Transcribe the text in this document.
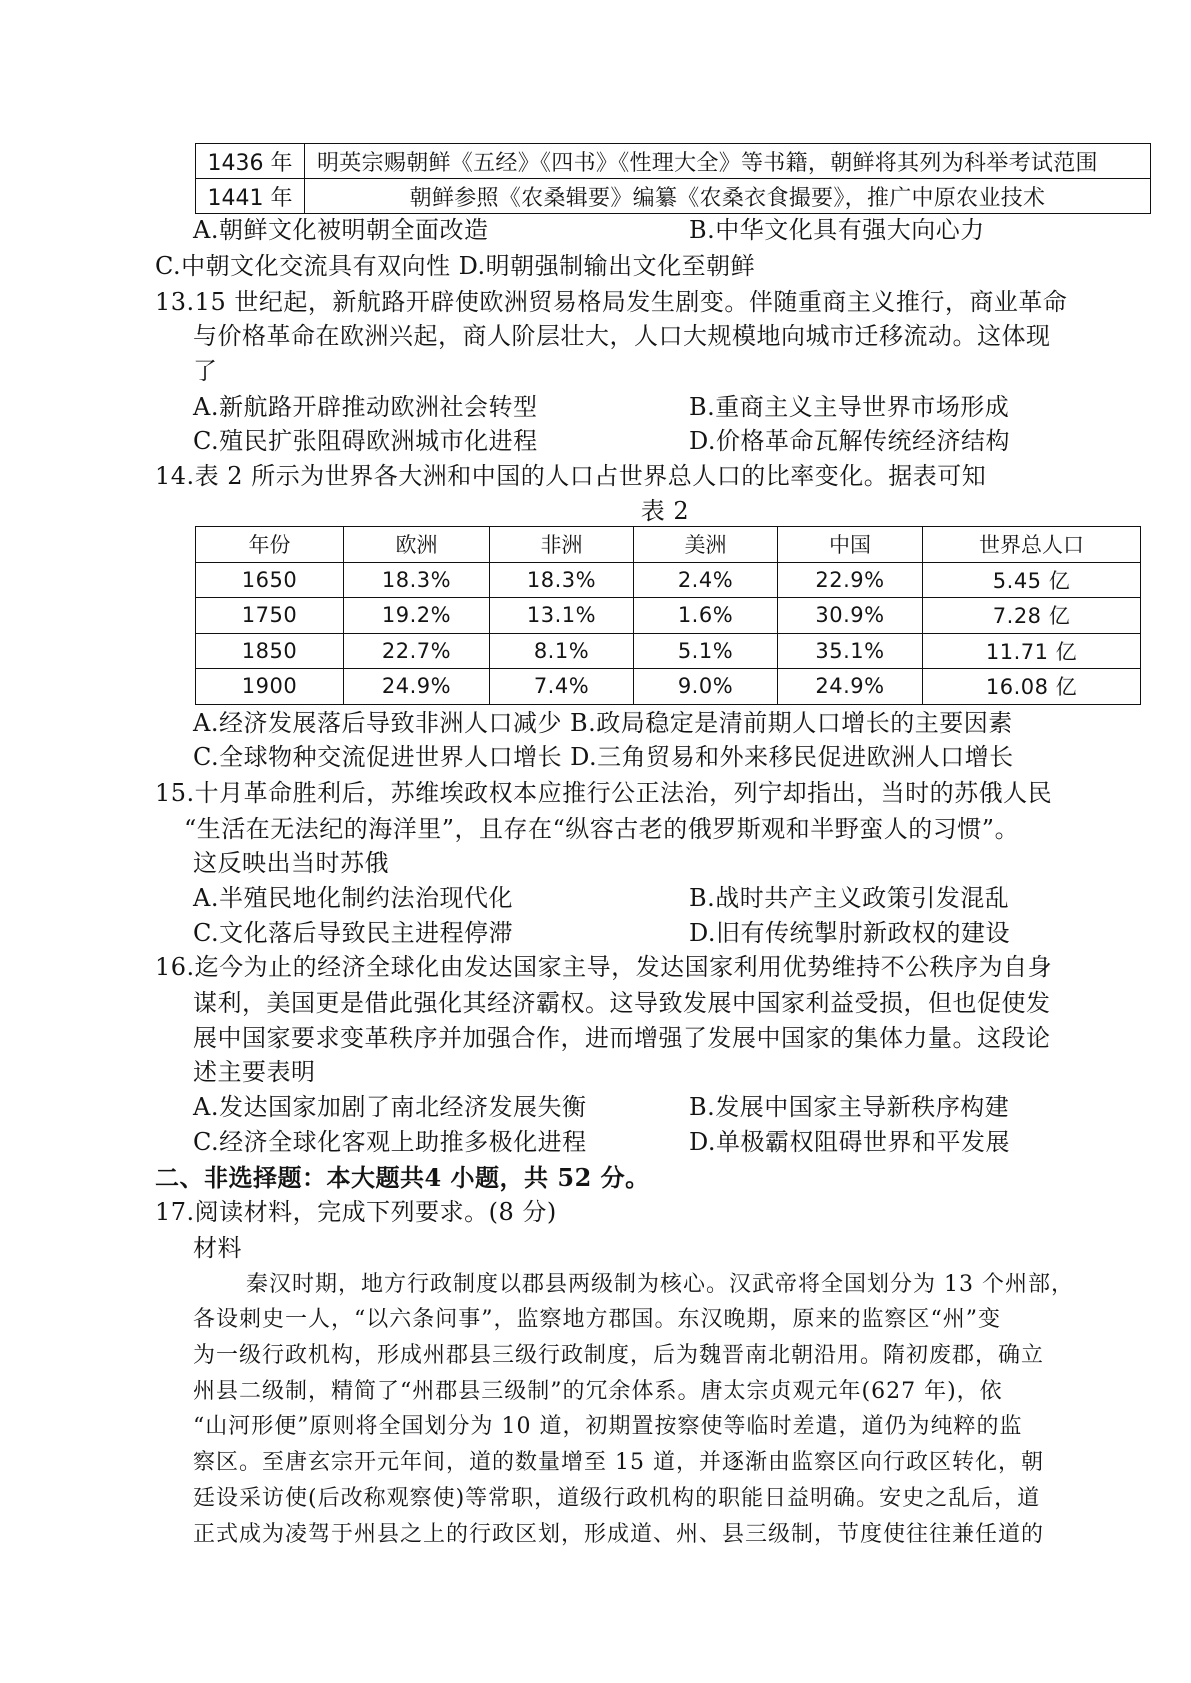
1436 年	明英宗赐朝鲜《五经》《四书》《性理大全》等书籍，朝鲜将其列为科举考试范围
1441 年	朝鲜参照《农桑辑要》编纂《农桑衣食撮要》，推广中原农业技术
A.朝鲜文化被明朝全面改造	B.中华文化具有强大向心力
C.中朝文化交流具有双向性 D.明朝强制输出文化至朝鲜
13.15 世纪起，新航路开辟使欧洲贸易格局发生剧变。伴随重商主义推行，商业革命
与价格革命在欧洲兴起，商人阶层壮大，人口大规模地向城市迁移流动。这体现
了
A.新航路开辟推动欧洲社会转型	B.重商主义主导世界市场形成
C.殖民扩张阻碍欧洲城市化进程	D.价格革命瓦解传统经济结构
14.表 2 所示为世界各大洲和中国的人口占世界总人口的比率变化。据表可知
表 2
年份	欧洲	非洲	美洲	中国	世界总人口
1650	18.3%	18.3%	2.4%	22.9%	5.45 亿
1750	19.2%	13.1%	1.6%	30.9%	7.28 亿
1850	22.7%	8.1%	5.1%	35.1%	11.71 亿
1900	24.9%	7.4%	9.0%	24.9%	16.08 亿
A.经济发展落后导致非洲人口减少 B.政局稳定是清前期人口增长的主要因素
C.全球物种交流促进世界人口增长 D.三角贸易和外来移民促进欧洲人口增长
15.十月革命胜利后，苏维埃政权本应推行公正法治，列宁却指出，当时的苏俄人民
“生活在无法纪的海洋里”，且存在“纵容古老的俄罗斯观和半野蛮人的习惯”。
这反映出当时苏俄
A.半殖民地化制约法治现代化	B.战时共产主义政策引发混乱
C.文化落后导致民主进程停滞	D.旧有传统掣肘新政权的建设
16.迄今为止的经济全球化由发达国家主导，发达国家利用优势维持不公秩序为自身
谋利，美国更是借此强化其经济霸权。这导致发展中国家利益受损，但也促使发
展中国家要求变革秩序并加强合作，进而增强了发展中国家的集体力量。这段论
述主要表明
A.发达国家加剧了南北经济发展失衡	B.发展中国家主导新秩序构建
C.经济全球化客观上助推多极化进程	D.单极霸权阻碍世界和平发展
二、非选择题：本大题共4 小题，共 52 分。
17.阅读材料，完成下列要求。(8 分)
材料
秦汉时期，地方行政制度以郡县两级制为核心。汉武帝将全国划分为 13 个州部，
各设刺史一人，“以六条问事”，监察地方郡国。东汉晚期，原来的监察区“州”变
为一级行政机构，形成州郡县三级行政制度，后为魏晋南北朝沿用。隋初废郡，确立
州县二级制，精简了“州郡县三级制”的冗余体系。唐太宗贞观元年(627 年)，依
“山河形便”原则将全国划分为 10 道，初期置按察使等临时差遣，道仍为纯粹的监
察区。至唐玄宗开元年间，道的数量增至 15 道，并逐渐由监察区向行政区转化，朝
廷设采访使(后改称观察使)等常职，道级行政机构的职能日益明确。安史之乱后，道
正式成为凌驾于州县之上的行政区划，形成道、州、县三级制，节度使往往兼任道的
